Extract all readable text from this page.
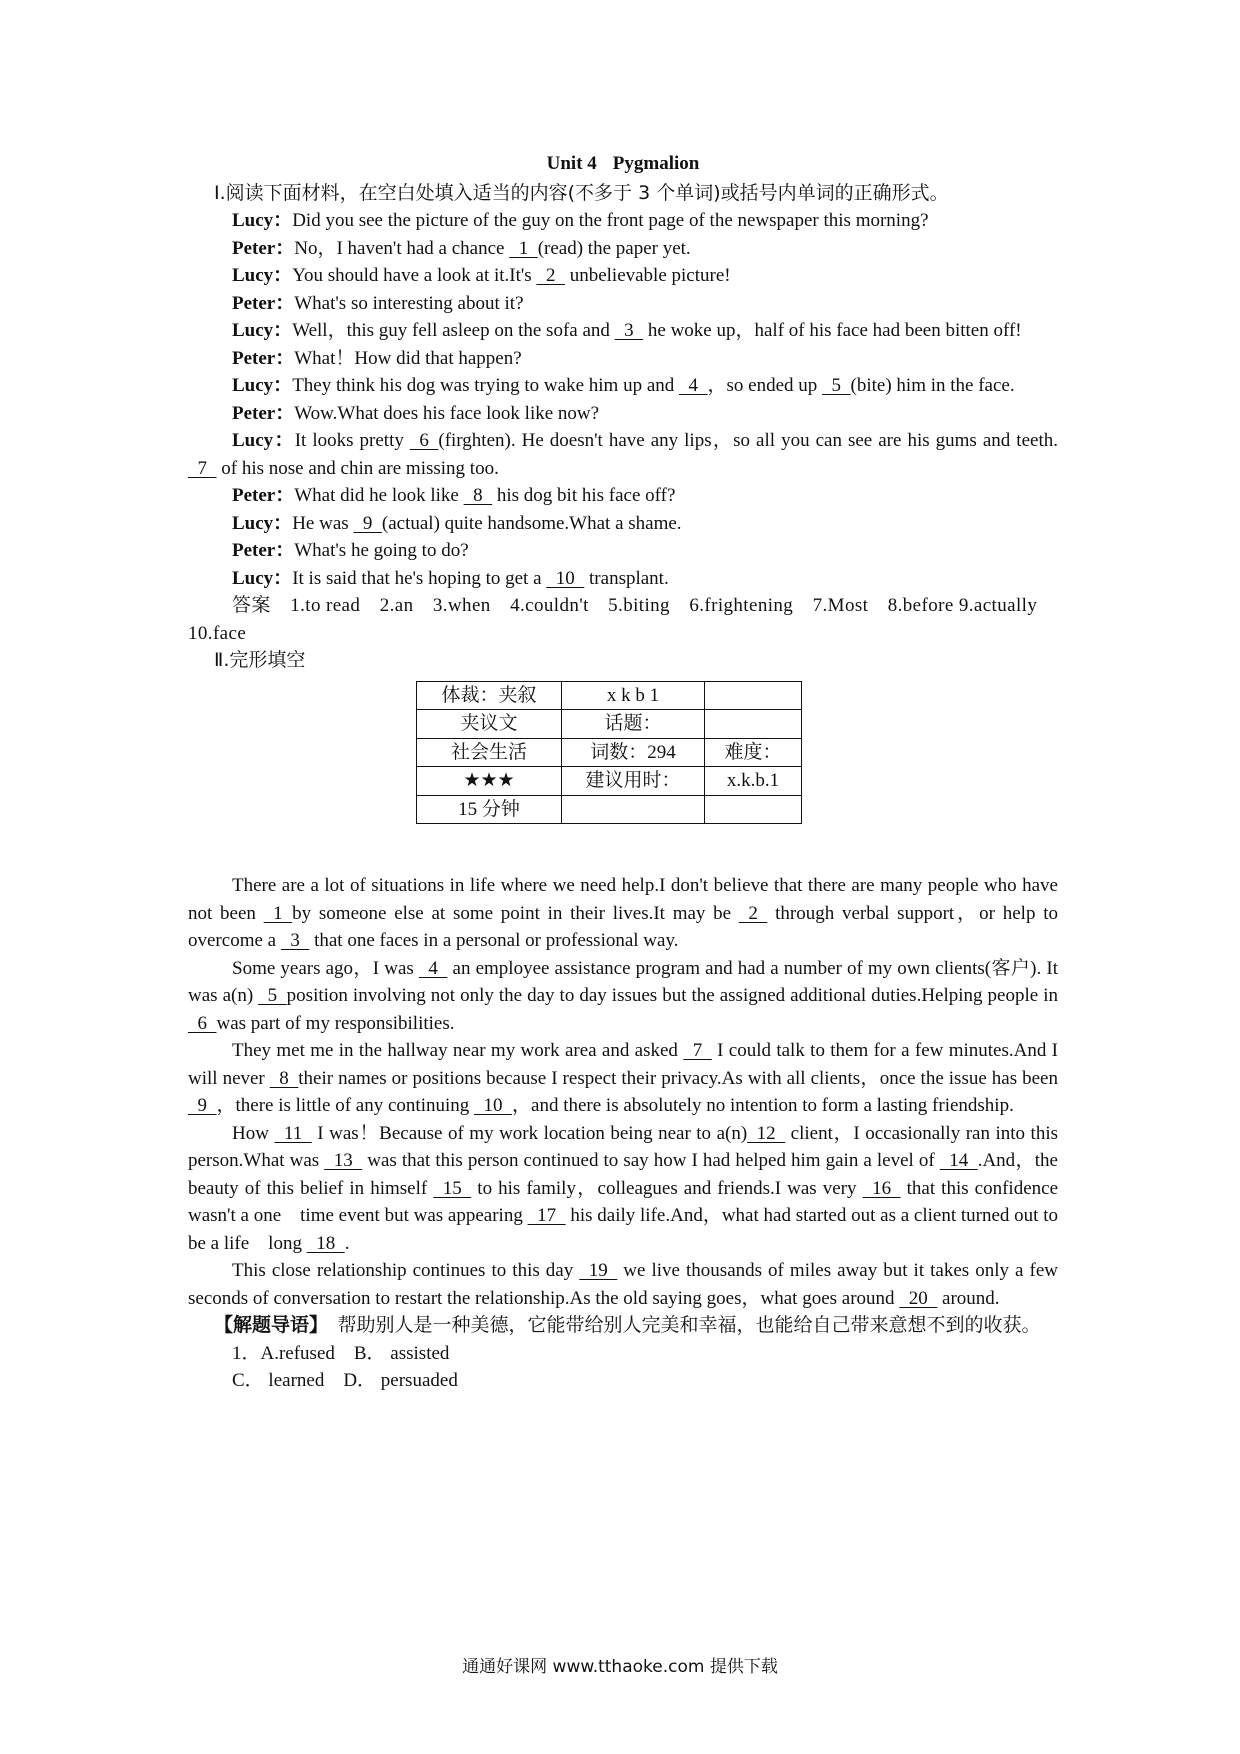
Unit 4 Pygmalion

Ⅰ.阅读下面材料，在空白处填入适当的内容(不多于 3 个单词)或括号内单词的正确形式。

Lucy：Did you see the picture of the guy on the front page of the newspaper this morning?

Peter：No，I haven't had a chance   1  (read) the paper yet.

Lucy：You should have a look at it.It's   2   unbelievable picture!

Peter：What's so interesting about it?

Lucy：Well，this guy fell asleep on the sofa and   3   he woke up，half of his face had been bitten off!

Peter：What！How did that happen?

Lucy：They think his dog was trying to wake him up and   4  ，so ended up   5  (bite) him in the face.

Peter：Wow.What does his face look like now?

Lucy：It looks pretty   6  (firghten). He doesn't have any lips，so all you can see are his gums and teeth.  7   of his nose and chin are missing too.

Peter：What did he look like   8   his dog bit his face off?

Lucy：He was   9  (actual) quite handsome.What a shame.

Peter：What's he going to do?

Lucy：It is said that he's hoping to get a   10   transplant.

答案　 1.to read　2.an　3.when　4.couldn't　5.biting　6.frightening　7.Most　8.before 9.actually　10.face

Ⅱ.完形填空

体裁：夹叙	x k b 1	
夹议文	话题：	
社会生活	词数：294	难度：
★★★	建议用时：	x.k.b.1
15 分钟		

There are a lot of situations in life where we need help.I don't believe that there are many people who have not been   1  by someone else at some point in their lives.It may be   2   through verbal support，or help to overcome a   3   that one faces in a personal or professional way.

Some years ago，I was   4   an employee assistance program and had a number of my own clients(客户). It was a(n)   5  position involving not only the day to day issues but the assigned additional duties.Helping people in   6  was part of my responsibilities.

They met me in the hallway near my work area and asked   7   I could talk to them for a few minutes.And I will never   8  their names or positions because I respect their privacy.As with all clients，once the issue has been   9  ，there is little of any continuing   10  ，and there is absolutely no intention to form a lasting friendship.

How   11   I was！Because of my work location being near to a(n)  12   client，I occasionally ran into this person.What was   13   was that this person continued to say how I had helped him gain a level of   14  .And，the beauty of this belief in himself   15   to his family，colleagues and friends.I was very   16   that this confidence wasn't a one　time event but was appearing   17   his daily life.And，what had started out as a client turned out to be a life　long   18  .

This close relationship continues to this day   19   we live thousands of miles away but it takes only a few seconds of conversation to restart the relationship.As the old saying goes，what goes around   20   around.

【解题导语】　 帮助别人是一种美德，它能带给别人完美和幸福，也能给自己带来意想不到的收获。

1．A.refused　B． assisted

C． learned　D． persuaded

通通好课网 www.tthaoke.com 提供下载
